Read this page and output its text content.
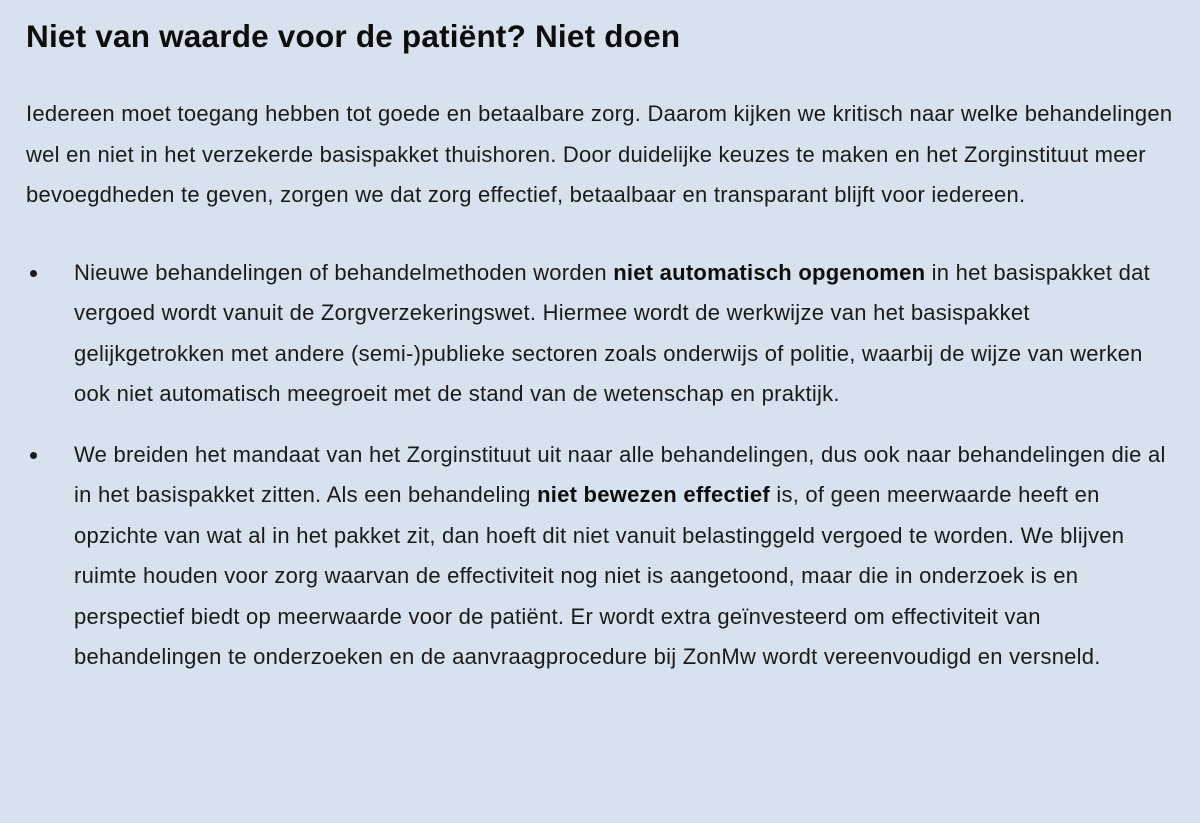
Niet van waarde voor de patiënt? Niet doen

Iedereen moet toegang hebben tot goede en betaalbare zorg. Daarom kijken we kritisch naar welke behandelingen wel en niet in het verzekerde basispakket thuishoren. Door duidelijke keuzes te maken en het Zorginstituut meer bevoegdheden te geven, zorgen we dat zorg effectief, betaalbaar en transparant blijft voor iedereen.

Nieuwe behandelingen of behandelmethoden worden niet automatisch opgenomen in het basispakket dat vergoed wordt vanuit de Zorgverzekeringswet. Hiermee wordt de werkwijze van het basispakket gelijkgetrokken met andere (semi-)publieke sectoren zoals onderwijs of politie, waarbij de wijze van werken ook niet automatisch meegroeit met de stand van de wetenschap en praktijk.
We breiden het mandaat van het Zorginstituut uit naar alle behandelingen, dus ook naar behandelingen die al in het basispakket zitten. Als een behandeling niet bewezen effectief is, of geen meerwaarde heeft en opzichte van wat al in het pakket zit, dan hoeft dit niet vanuit belastinggeld vergoed te worden. We blijven ruimte houden voor zorg waarvan de effectiviteit nog niet is aangetoond, maar die in onderzoek is en perspectief biedt op meerwaarde voor de patiënt. Er wordt extra geïnvesteerd om effectiviteit van behandelingen te onderzoeken en de aanvraagprocedure bij ZonMw wordt vereenvoudigd en versneld.
